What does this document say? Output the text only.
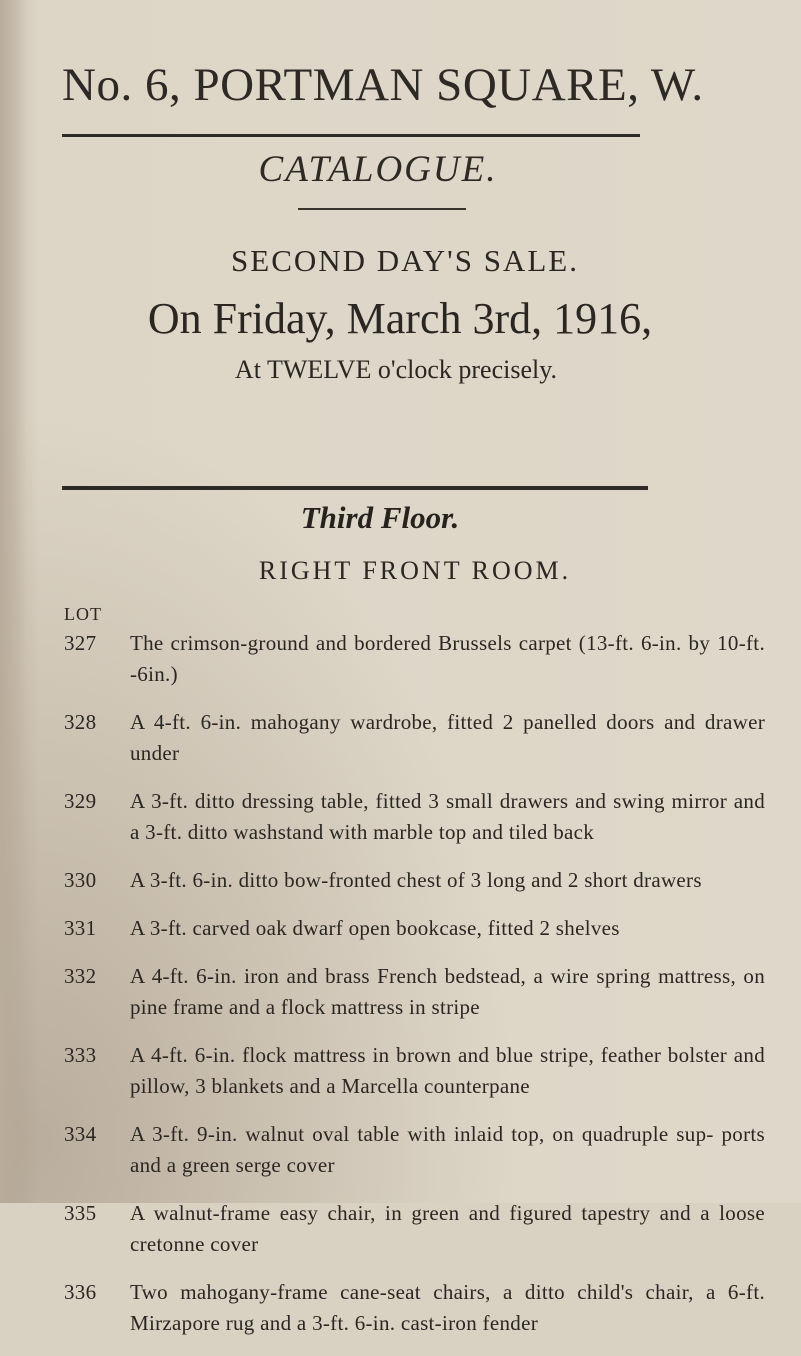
No. 6, PORTMAN SQUARE, W.
CATALOGUE.
SECOND DAY'S SALE.
On Friday, March 3rd, 1916,
At TWELVE o'clock precisely.
Third Floor.
RIGHT FRONT ROOM.
LOT
327	The crimson-ground and bordered Brussels carpet (13-ft. 6-in. by 10-ft. -6in.)
328	A 4-ft. 6-in. mahogany wardrobe, fitted 2 panelled doors and drawer under
329	A 3-ft. ditto dressing table, fitted 3 small drawers and swing mirror and a 3-ft. ditto washstand with marble top and tiled back
330	A 3-ft. 6-in. ditto bow-fronted chest of 3 long and 2 short drawers
331	A 3-ft. carved oak dwarf open bookcase, fitted 2 shelves
332	A 4-ft. 6-in. iron and brass French bedstead, a wire spring mattress, on pine frame and a flock mattress in stripe
333	A 4-ft. 6-in. flock mattress in brown and blue stripe, feather bolster and pillow, 3 blankets and a Marcella counterpane
334	A 3-ft. 9-in. walnut oval table with inlaid top, on quadruple sup- ports and a green serge cover
335	A walnut-frame easy chair, in green and figured tapestry and a loose cretonne cover
336	Two mahogany-frame cane-seat chairs, a ditto child's chair, a 6-ft. Mirzapore rug and a 3-ft. 6-in. cast-iron fender
